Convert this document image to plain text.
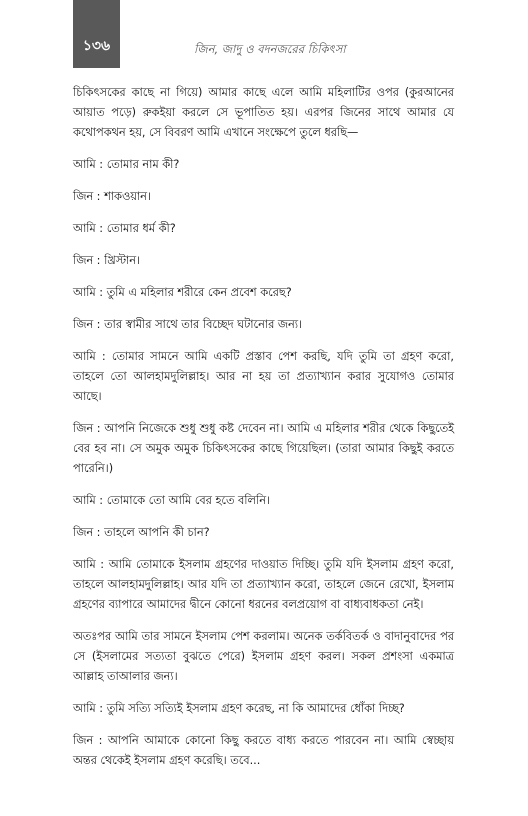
১৩৬	জিন, জাদু ও বদনজরের চিকিৎসা

চিকিৎসকের কাছে না গিয়ে) আমার কাছে এলে আমি মহিলাটির ওপর (কুরআনের আয়াত পড়ে) রুকইয়া করলে সে ভূপাতিত হয়। এরপর জিনের সাথে আমার যে কথোপকথন হয়, সে বিবরণ আমি এখানে সংক্ষেপে তুলে ধরছি—

আমি : তোমার নাম কী?

জিন : শাকওয়ান।

আমি : তোমার ধর্ম কী?

জিন : খ্রিস্টান।

আমি : তুমি এ মহিলার শরীরে কেন প্রবেশ করেছ?

জিন : তার স্বামীর সাথে তার বিচ্ছেদ ঘটানোর জন্য।

আমি : তোমার সামনে আমি একটি প্রস্তাব পেশ করছি, যদি তুমি তা গ্রহণ করো, তাহলে তো আলহামদুলিল্লাহ। আর না হয় তা প্রত্যাখ্যান করার সুযোগও তোমার আছে।

জিন : আপনি নিজেকে শুধু শুধু কষ্ট দেবেন না। আমি এ মহিলার শরীর থেকে কিছুতেই বের হব না। সে অমুক অমুক চিকিৎসকের কাছে গিয়েছিল। (তারা আমার কিছুই করতে পারেনি।)

আমি : তোমাকে তো আমি বের হতে বলিনি।

জিন : তাহলে আপনি কী চান?

আমি : আমি তোমাকে ইসলাম গ্রহণের দাওয়াত দিচ্ছি। তুমি যদি ইসলাম গ্রহণ করো, তাহলে আলহামদুলিল্লাহ। আর যদি তা প্রত্যাখ্যান করো, তাহলে জেনে রেখো, ইসলাম গ্রহণের ব্যাপারে আমাদের দ্বীনে কোনো ধরনের বলপ্রয়োগ বা বাধ্যবাধকতা নেই।

অতঃপর আমি তার সামনে ইসলাম পেশ করলাম। অনেক তর্কবিতর্ক ও বাদানুবাদের পর সে (ইসলামের সত্যতা বুঝতে পেরে) ইসলাম গ্রহণ করল। সকল প্রশংসা একমাত্র আল্লাহ তাআলার জন্য।

আমি : তুমি সত্যি সত্যিই ইসলাম গ্রহণ করেছ, না কি আমাদের ধোঁকা দিচ্ছ?

জিন : আপনি আমাকে কোনো কিছু করতে বাধ্য করতে পারবেন না। আমি স্বেচ্ছায় অন্তর থেকেই ইসলাম গ্রহণ করেছি। তবে...
